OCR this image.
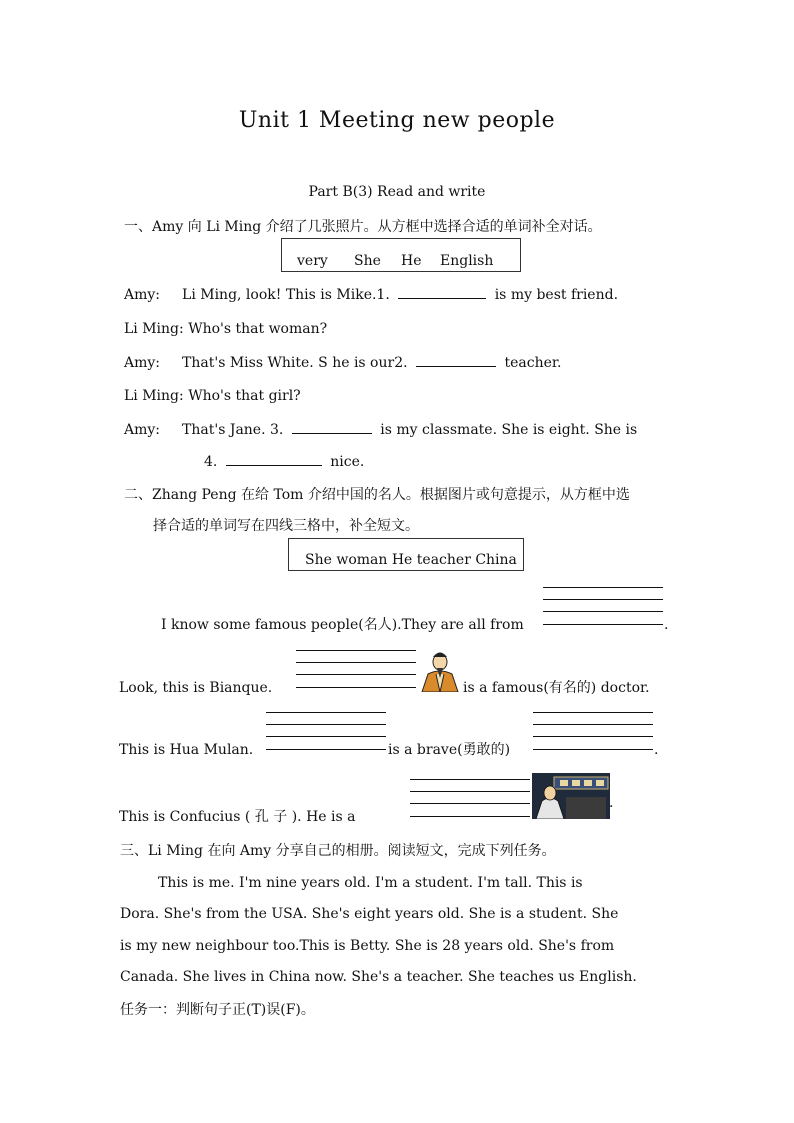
Unit 1 Meeting new people
Part B(3) Read and write
一、Amy 向 Li Ming 介绍了几张照片。从方框中选择合适的单词补全对话。
very She He English
Amy: Li Ming, look! This is Mike.1.	is my best friend.
Li Ming: Who's that woman?
Amy: That's Miss White. S he is our2.	teacher.
Li Ming: Who's that girl?
Amy: That's Jane. 3.	is my classmate. She is eight. She is
4.	nice.
二、Zhang Peng 在给 Tom 介绍中国的名人。根据图片或句意提示，从方框中选
择合适的单词写在四线三格中，补全短文。
She woman He teacher China
I know some famous people(名人).They are all from	.
Look, this is Bianque.	is a famous(有名的) doctor.
This is Hua Mulan.	is a brave(勇敢的)	.
This is Confucius ( 孔 子 ). He is a
.
三、Li Ming 在向 Amy 分享自己的相册。阅读短文，完成下列任务。
This is me. I'm nine years old. I'm a student. I'm tall. This is
Dora. She's from the USA. She's eight years old. She is a student. She
is my new neighbour too.This is Betty. She is 28 years old. She's from
Canada. She lives in China now. She's a teacher. She teaches us English.
任务一：判断句子正(T)误(F)。
